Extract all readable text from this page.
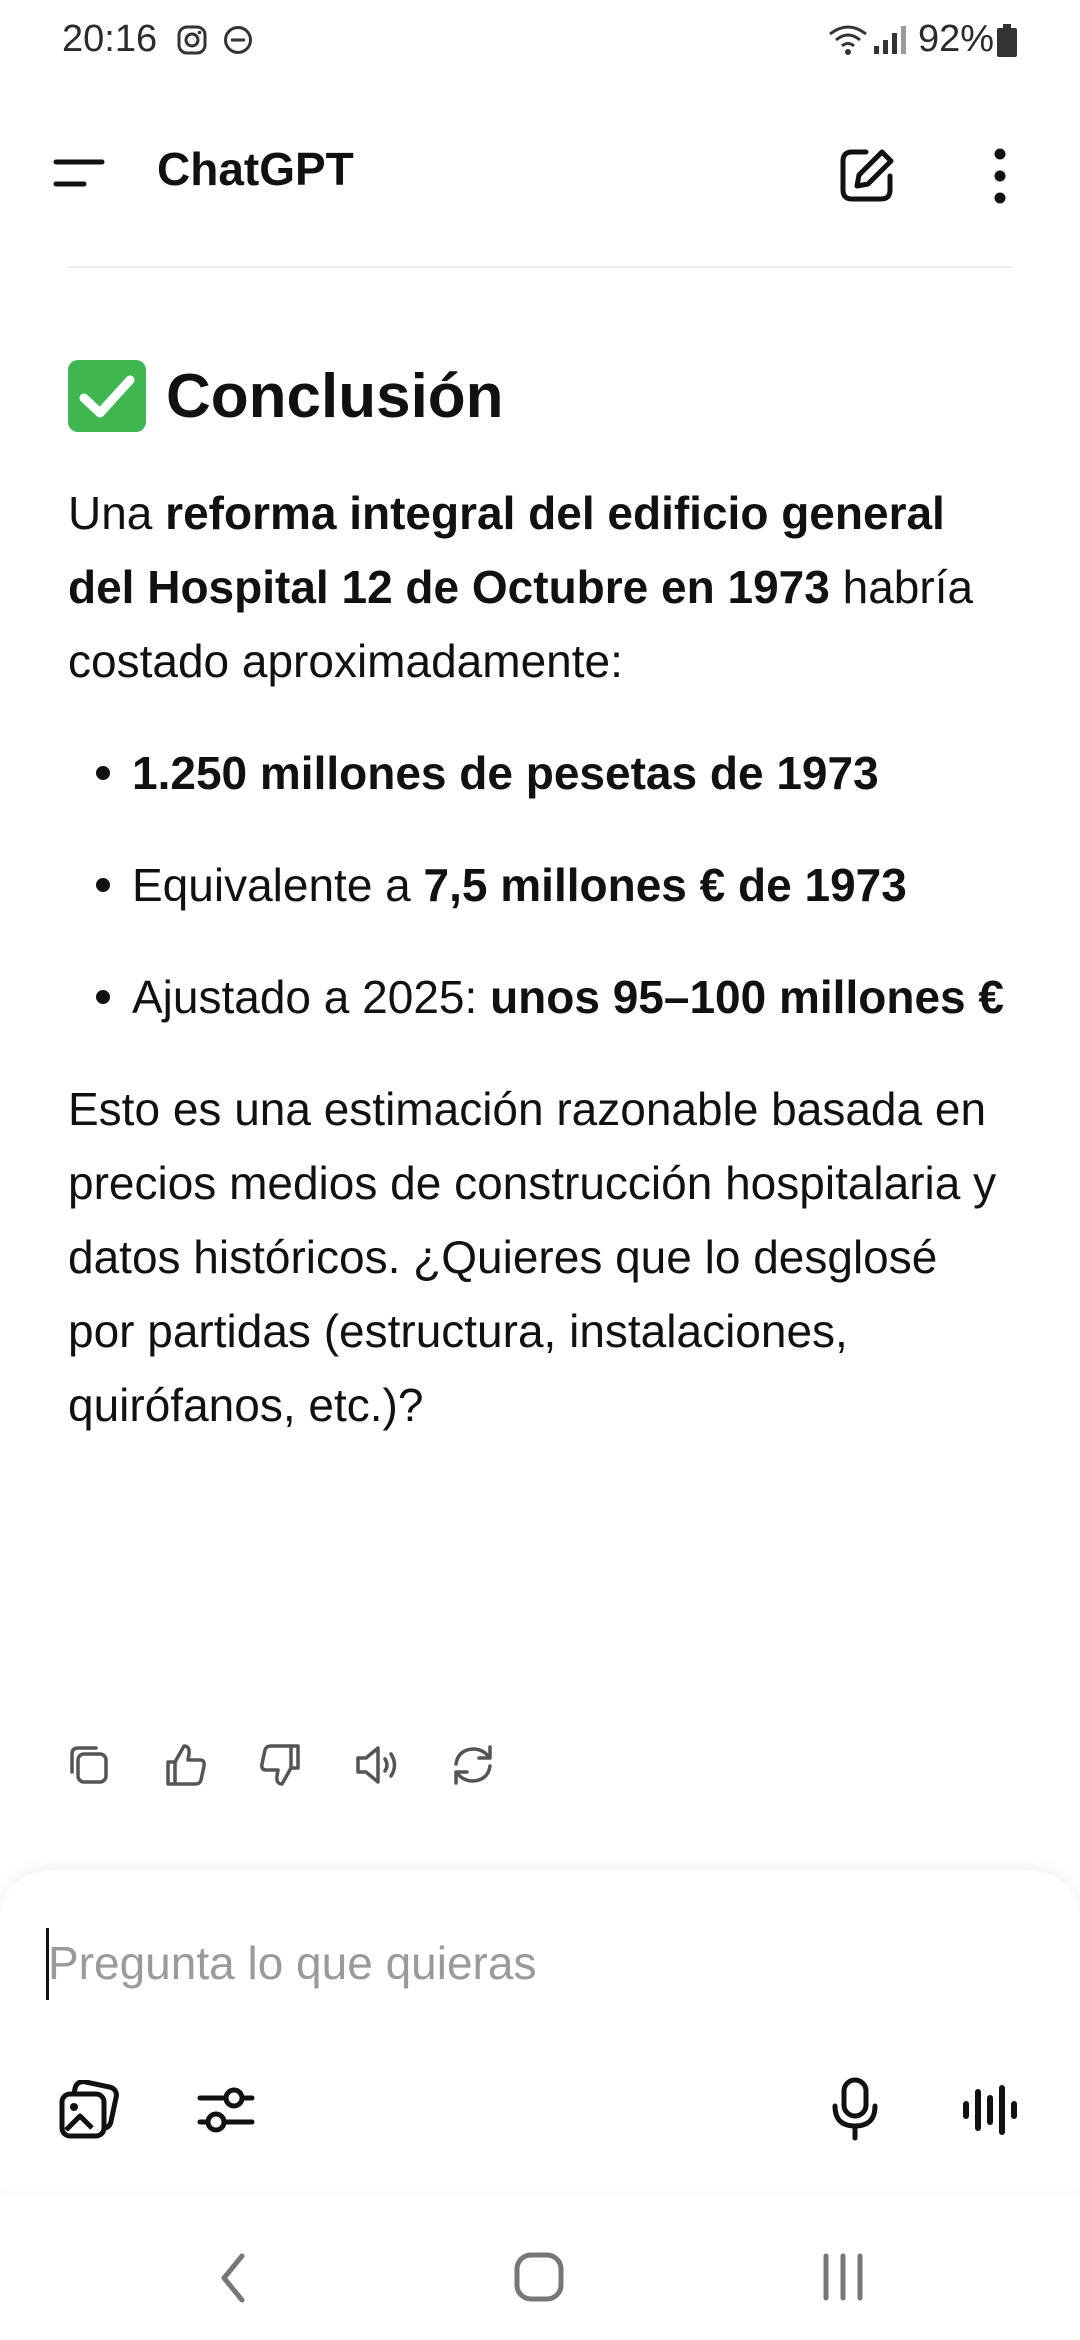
20:16	92%
ChatGPT
Conclusión

Una reforma integral del edificio general del Hospital 12 de Octubre en 1973 habría costado aproximadamente:

1.250 millones de pesetas de 1973
Equivalente a 7,5 millones € de 1973
Ajustado a 2025: unos 95–100 millones €

Esto es una estimación razonable basada en precios medios de construcción hospitalaria y datos históricos. ¿Quieres que lo desglosé por partidas (estructura, instalaciones, quirófanos, etc.)?

Pregunta lo que quieras
